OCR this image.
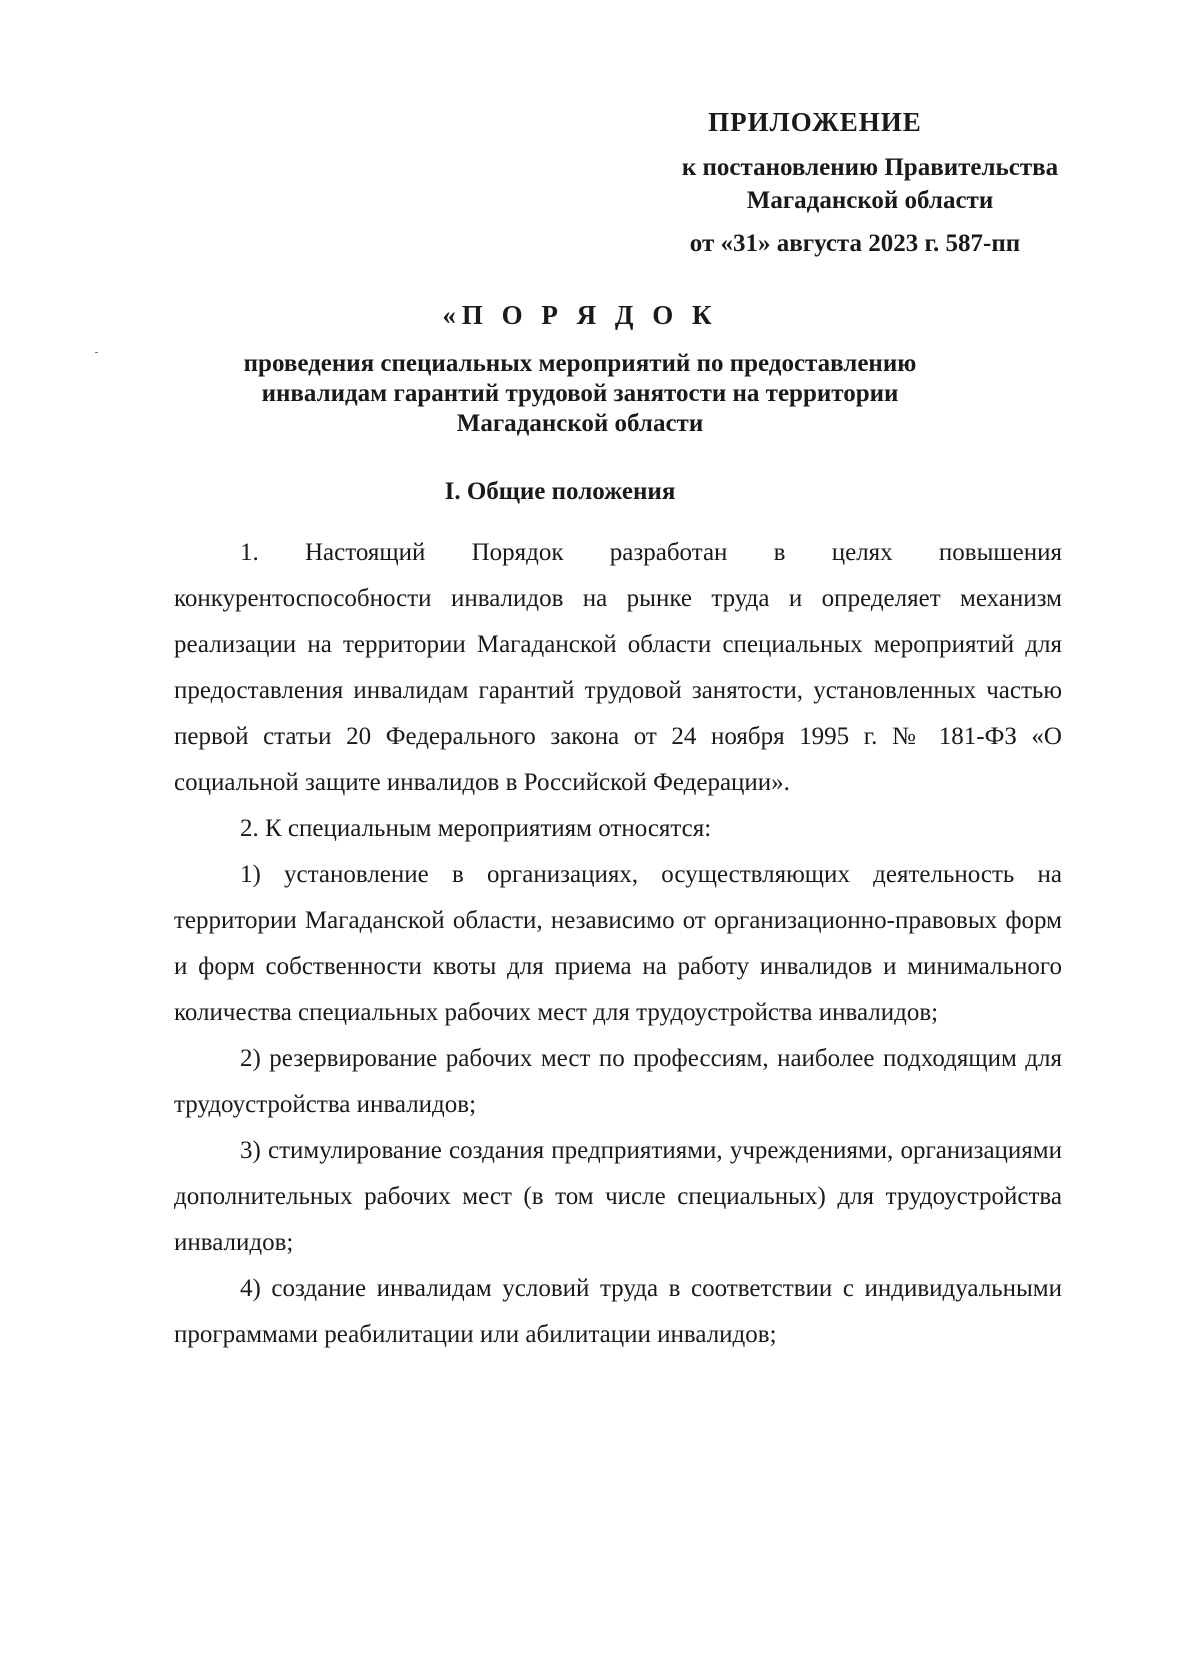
ПРИЛОЖЕНИЕ
к постановлению Правительства
Магаданской области
от «31» августа 2023 г. 587-пп
«П О Р Я Д О К
проведения специальных мероприятий по предоставлению
инвалидам гарантий трудовой занятости на территории
Магаданской области
I. Общие положения

1. Настоящий Порядок разработан в целях повышения конкурентоспособности инвалидов на рынке труда и определяет механизм реализации на территории Магаданской области специальных мероприятий для предоставления инвалидам гарантий трудовой занятости, установленных частью первой статьи 20 Федерального закона от 24 ноября 1995 г. № 181-ФЗ «О социальной защите инвалидов в Российской Федерации».

2. К специальным мероприятиям относятся:

1) установление в организациях, осуществляющих деятельность на территории Магаданской области, независимо от организационно-правовых форм и форм собственности квоты для приема на работу инвалидов и минимального количества специальных рабочих мест для трудоустройства инвалидов;

2) резервирование рабочих мест по профессиям, наиболее подходящим для трудоустройства инвалидов;

3) стимулирование создания предприятиями, учреждениями, организациями дополнительных рабочих мест (в том числе специальных) для трудоустройства инвалидов;

4) создание инвалидам условий труда в соответствии с индивидуальными программами реабилитации или абилитации инвалидов;
